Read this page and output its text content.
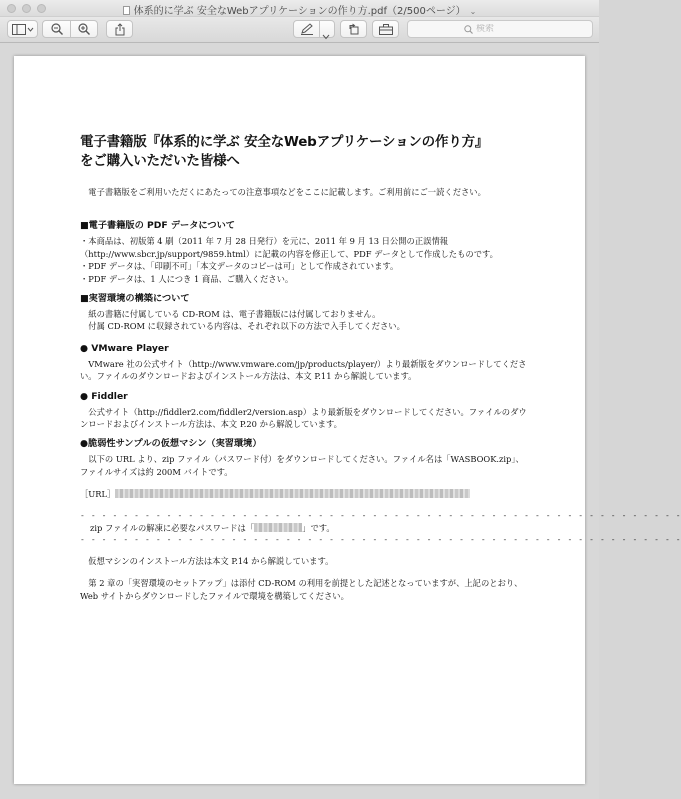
体系的に学ぶ 安全なWebアプリケーションの作り方.pdf（2/500ページ） ⌄
検索
電子書籍版『体系的に学ぶ 安全なWebアプリケーションの作り方』
をご購入いただいた皆様へ

電子書籍版をご利用いただくにあたっての注意事項などをここに記載します。ご利用前にご一読ください。

■電子書籍版の PDF データについて

・本商品は、初版第 4 刷（2011 年 7 月 28 日発行）を元に、2011 年 9 月 13 日公開の正誤情報（http://www.sbcr.jp/support/9859.html）に記載の内容を修正して、PDF データとして作成したものです。

・PDF データは、「印刷不可」「本文データのコピーは可」として作成されています。

・PDF データは、1 人につき 1 商品、ご購入ください。

■実習環境の構築について

紙の書籍に付属している CD-ROM は、電子書籍版には付属しておりません。

付属 CD-ROM に収録されている内容は、それぞれ以下の方法で入手してください。

● VMware Player

VMware 社の公式サイト（http://www.vmware.com/jp/products/player/）より最新版をダウンロードしてください。ファイルのダウンロードおよびインストール方法は、本文 P.11 から解説しています。

● Fiddler

公式サイト（http://fiddler2.com/fiddler2/version.asp）より最新版をダウンロードしてください。ファイルのダウンロードおよびインストール方法は、本文 P.20 から解説しています。

●脆弱性サンプルの仮想マシン（実習環境）

以下の URL より、zip ファイル（パスワード付）をダウンロードしてください。ファイル名は「WASBOOK.zip」、ファイルサイズは約 200M バイトです。

［URL］

- - - - - - - - - - - - - - - - - - - - - - - - - - - - - - - - - - - - - - - - - - - - - - - - - - - - - - - -
zip ファイルの解凍に必要なパスワードは「	」です。
- - - - - - - - - - - - - - - - - - - - - - - - - - - - - - - - - - - - - - - - - - - - - - - - - - - - - - - -

仮想マシンのインストール方法は本文 P.14 から解説しています。

第 2 章の「実習環境のセットアップ」は添付 CD-ROM の利用を前提とした記述となっていますが、上記のとおり、Web サイトからダウンロードしたファイルで環境を構築してください。
